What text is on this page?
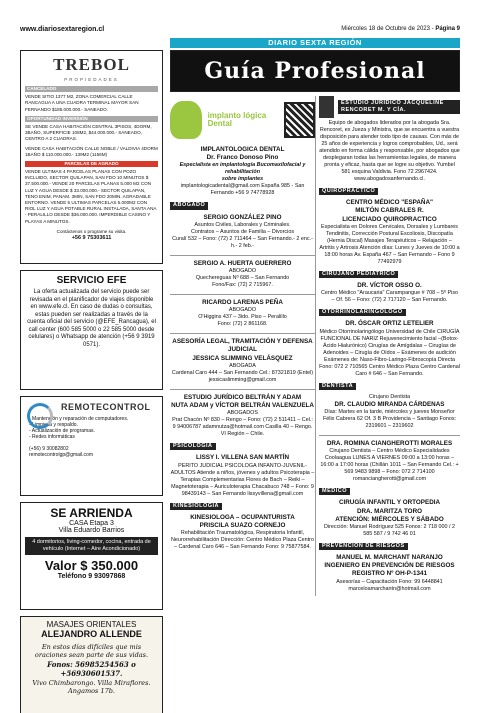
www.diariosextaregion.cl	Miércoles 18 de Octubre de 2023 - Página 9
DIARIO SEXTA REGIÓN
TREBOL
PROPIEDADES
CANCELADO

VENDE SITIO 1377 M2, ZONA COMERCIAL CALLE RANCAGUA A UNA CUADRA TERMINAL MAYOR SAN FERNANDO $185.000.000.- SANEADO.

OPORTUNIDAD INVERSIÓN

SE VENDE CASA HABITACIÓN CENTRAL 3PISOS, 4DORM, 3BAÑO, SUPERFICIE 108M2, $44.000.000.- SANEADO, CENTRO A 2 CUADRAS.

VENDE CASA HABITACIÓN CALLE NOBLE / VALDIVIA 4DORM 1BAÑO $ 110.000.000.- 139M2 (1156M)

PARCELAS DE AGRADO

VENDE ULTIMAS 4 PARCELAS PLANAS CON POZO INCLUIDO, SECTOR QUILAPAN, SAN FDO 10 MINUTOS $ 37.500.000.- VENDE 20 PARCELAS PLANAS 5.000 M2 CON LUZ Y AGUA DESDE $ 33.000.000.- SECTOR QUILAPAN, TENO ENIM, PANAM. 3MIN, SAN FDO 20MIN. AGRADABLE ENTORNO. VENDE 5 ULTIMAS PARCELAS 5.000M2 CON RIOL LUZ Y AGUA POTABLE RURAL INSTALADA, SANTA ANA - PERALILLO DESDE $36.000.000. IMPERDIBLE CASINO Y PLAYAS A MINUTOS.

Contáctenos o programe su visita.
+56 9 75303611
SERVICIO EFE

La oferta actualizada del servicio puede ser revisada en el planificador de viajes disponible en www.efe.cl. En caso de dudas o consultas, estas pueden ser realizadas a través de la cuenta oficial del servicio (@EFE_Rancagua), el call center (600 585 5000 o 22 585 5000 desde celulares) o Whatsapp de atención (+56 9 3919 0571).

REMOTECONTROL
- Mantención y reparación de computadores.
- Limpieza y respaldo.
- Actualización de programas.
- Redes informáticas
(+56) 9 30082802
remotecontrolgp@gmail.com
SE ARRIENDA
CASA Etapa 3
Villa Eduardo Barrios
4 dormitorios, living-comedor, cocina, entrada de vehículo (Internet – Aire Acondicionado)
Valor $ 350.000
Teléfono 9 93097868
MASAJES ORIENTALES
ALEJANDRO ALLENDE
En estos días difíciles que mis oraciones sean parte de sus vidas.
Fonos: 56985254563 o +56930601537.
Vivo Chimbarongo. Villa Miraflores. Angamos 17b.
Guía Profesional
implanto lógica Dental
IMPLANTOLOGICA DENTAL
Dr. Franco Donoso Pino
Especialista en implantología Bucomaxilofacial y rehabilitación
sobre implantes
implantologicadental@gmail.com España 985 - San Fernando +56 9 74778928
ABOGADO
SERGIO GONZÁLEZ PINO
Asuntos Civiles, Laborales y Criminales.
Contratos – Asuntos de Familia – Divorcios
Curalí 532 – Fono: (72) 2 711464 – San Fernando.- 2 enc.- h.- 2 feb.-
SERGIO A. HUERTA GUERRERO
ABOGADO
Quechereguas Nº 688 – San Fernando
Fono/Fax: (72) 2 715967.
RICARDO LARENAS PEÑA
ABOGADO
O'Higgins 437 – 3ido. Piso – Peralillo
Fono: (72) 2 861168.
ASESORÍA LEGAL, TRAMITACIÓN Y DEFENSA JUDICIAL
JESSICA SLIMMING VELÁSQUEZ
ABOGADA
Cardenal Caro 444 – San Fernando Cel.: 87321819 (Entel) jessicaslimming@gmail.com
ESTUDIO JURÍDICO BELTRÁN Y ADAM
NUTA ADAM y VÍCTOR BELTRÁN VALENZUELA
ABOGADOS
Prat Chacón Nº 830 – Rengo – Fono: (72) 2 511411 – Cel.: 9 94006787 adamnutza@hotmail.com Casilla 40 – Rengo. VI Región – Chile.
PSICOLOGIA
LISSY I. VILLENA SAN MARTÍN
PERITO JUDICIAL PSICOLOGA INFANTO-JUVENIL-ADULTOS Atiende a niños, jóvenes y adultos Psicoterapia – Terapias Complementarias Flores de Bach – Reiki – Magnetoterapia – Auriculoterapia Chacabuco 748 – Fono: 9 98439143 – San Fernando lissyvillena@gmail.com
KINESIOLOGIA
KINESIOLOGA – OCUPANTURISTA
PRISCILA SUAZO CORNEJO
Rehabilitación Traumatológica, Respiratoria Infantil, Neurorrehabilitación Dirección: Centro Médico Plaza Centro – Cardenal Caro 646 – San Fernando Fono: 9 75877584.
ESTUDIO JURÍDICO JACQUELINE RENCORET M. Y CÍA.
Equipo de abogados liderados por la abogada Sra. Rencoret, ex Jueza y Ministra, que se encuentra a vuestra disposición para atender todo tipo de causas. Con más de 25 años de experiencia y logros comprobables, Ud., será atendido en forma cálida y responsable, por abogados que desplegaran todas las herramientas legales, de manera pronta y eficaz, hasta que se logre su objetivo. Yumbel 581 esquina Valdivia. Fono 72 2967424. www.abogadosanfernando.cl.
QUIROPRACTICO
CENTRO MÉDICO "ESPAÑA"
MILTÓN CABRALES R.
LICENCIADO QUIROPRACTICO
Especialista en Dolores Cervicales, Dorsales y Lumbares Tendinitis, Corrección Postural Escoliosis, Discopatía (Hernia Discal) Masajes Terapéuticos – Relajación – Artritis y Artrosis Atención días: Lunes y Jueves de 10:00 a 18:00 horas Av. España 467 – San Fernando – Fono 9 77492979
CIRUJANO PEDIATRICO
DR. VÍCTOR OSSO O.
Centro Médico "Araucaria" Carampangue # 708 – 5º Piso – Of. 56 – Fono: (72) 2 717120 – San Fernando.
OTORRINOLARINGOLOGO
DR. ÓSCAR ORTIZ LETELIER
Médico Otorrinolaringólogo Universidad de Chile CIRUGÍA FUNCIONAL DE NARIZ Rejuvenecimiento facial –(Botox-Ácido Hialurónico) Cirugías de Amígdalas – Cirugías de Adenoides – Cirugía de Oídos – Exámenes de audición Exámenes de: Naso-Fibro-Laringo-Fibroscopía Directa Fono: 072 2 710565 Centro Médico Plaza Centro Cardenal Caro # 646 – San Fernando.
DENTISTA
Cirujano Dentista
DR. CLAUDIO MIRANDA CÁRDENAS
Días: Martes en la tarde, miércoles y jueves Monseñor Félix Cabrera 62 Of. 3 B Providencia – Santiago Fonos: 2319601 – 2319602
DRA. ROMINA CIANGHEROTTI MORALES
Cirujano Dentista – Centro Médico Especialidades Coolaagua LUNES A VIERNES 09:00 a 13:00 horas – 16:00 a 17:00 horas (Chillán 1011 – San Fernando Cel.: + 569 9483 9898 – Fono: 072 2 714100 romanciangherotti@gmail.com
MÉDICO
CIRUGÍA INFANTIL Y ORTOPEDIA
DRA. MARITZA TORO
ATENCIÓN: MIÉRCOLES Y SÁBADO
Dirección: Manuel Rodríguez 525 Fonos: 2 718 000 / 2 585 587 / 9 742 46 01
PREVENCIÓN DE RIESGOS
MANUEL M. MARCHANT NARANJO
INGENIERO EN PREVENCIÓN DE RIESGOS
REGISTRO Nº OH-P-1341
Asesorías – Capacitación Fono: 99 6448841 marceloamarchantn@hotmail.com
